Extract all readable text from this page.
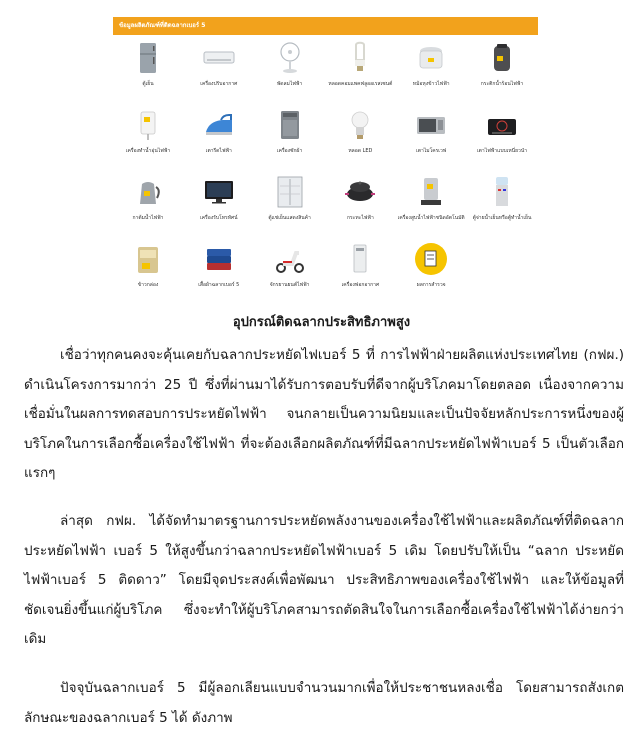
ข้อมูลผลิตภัณฑ์ที่ติดฉลากเบอร์ 5
ตู้เย็น	เครื่องปรับอากาศ	พัดลมไฟฟ้า	หลอดคอมแพคฟลูออเรสเซนต์	หม้อหุงข้าวไฟฟ้า	กระติกน้ำร้อนไฟฟ้า
เครื่องทำน้ำอุ่นไฟฟ้า	เตารีดไฟฟ้า	เครื่องซักผ้า	หลอด LED	เตาไมโครเวฟ	เตาไฟฟ้าแบบเหนี่ยวนำ
กาต้มน้ำไฟฟ้า	เครื่องรับโทรทัศน์	ตู้แช่เย็นแสดงสินค้า	กระทะไฟฟ้า	เครื่องสูบน้ำไฟฟ้าชนิดอัตโนมัติ	ตู้จ่ายน้ำเย็นหรือตู้ทำน้ำเย็น
ข้าวกล่อง	เสื้อผ้าฉลากเบอร์ 5	จักรยานยนต์ไฟฟ้า	เครื่องฟอกอากาศ	ผลการสำรวจ
อุปกรณ์ติดฉลากประสิทธิภาพสูง

เชื่อว่าทุกคนคงจะคุ้นเคยกับฉลากประหยัดไฟเบอร์ 5 ที่ การไฟฟ้าฝ่ายผลิตแห่งประเทศไทย (กฟผ.) ดำเนินโครงการมากว่า 25 ปี ซึ่งที่ผ่านมาได้รับการตอบรับที่ดีจากผู้บริโภคมาโดยตลอด เนื่องจากความเชื่อมั่นในผลการทดสอบการประหยัดไฟฟ้า จนกลายเป็นความนิยมและเป็นปัจจัยหลักประการหนึ่งของผู้บริโภคในการเลือกซื้อเครื่องใช้ไฟฟ้า ที่จะต้องเลือกผลิตภัณฑ์ที่มีฉลากประหยัดไฟฟ้าเบอร์ 5 เป็นตัวเลือกแรกๆ

ล่าสุด กฟผ. ได้จัดทำมาตรฐานการประหยัดพลังงานของเครื่องใช้ไฟฟ้าและผลิตภัณฑ์ที่ติดฉลากประหยัดไฟฟ้า เบอร์ 5 ให้สูงขึ้นกว่าฉลากประหยัดไฟฟ้าเบอร์ 5 เดิม โดยปรับให้เป็น “ฉลาก ประหยัดไฟฟ้าเบอร์ 5 ติดดาว” โดยมีจุดประสงค์เพื่อพัฒนา ประสิทธิภาพของเครื่องใช้ไฟฟ้า และให้ข้อมูลที่ชัดเจนยิ่งขึ้นแก่ผู้บริโภค ซึ่งจะทำให้ผู้บริโภคสามารถตัดสินใจในการเลือกซื้อเครื่องใช้ไฟฟ้าได้ง่ายกว่าเดิม

ปัจจุบันฉลากเบอร์ 5 มีผู้ลอกเลียนแบบจำนวนมากเพื่อให้ประชาชนหลงเชื่อ โดยสามารถสังเกตลักษณะของฉลากเบอร์ 5 ได้ ดังภาพ
